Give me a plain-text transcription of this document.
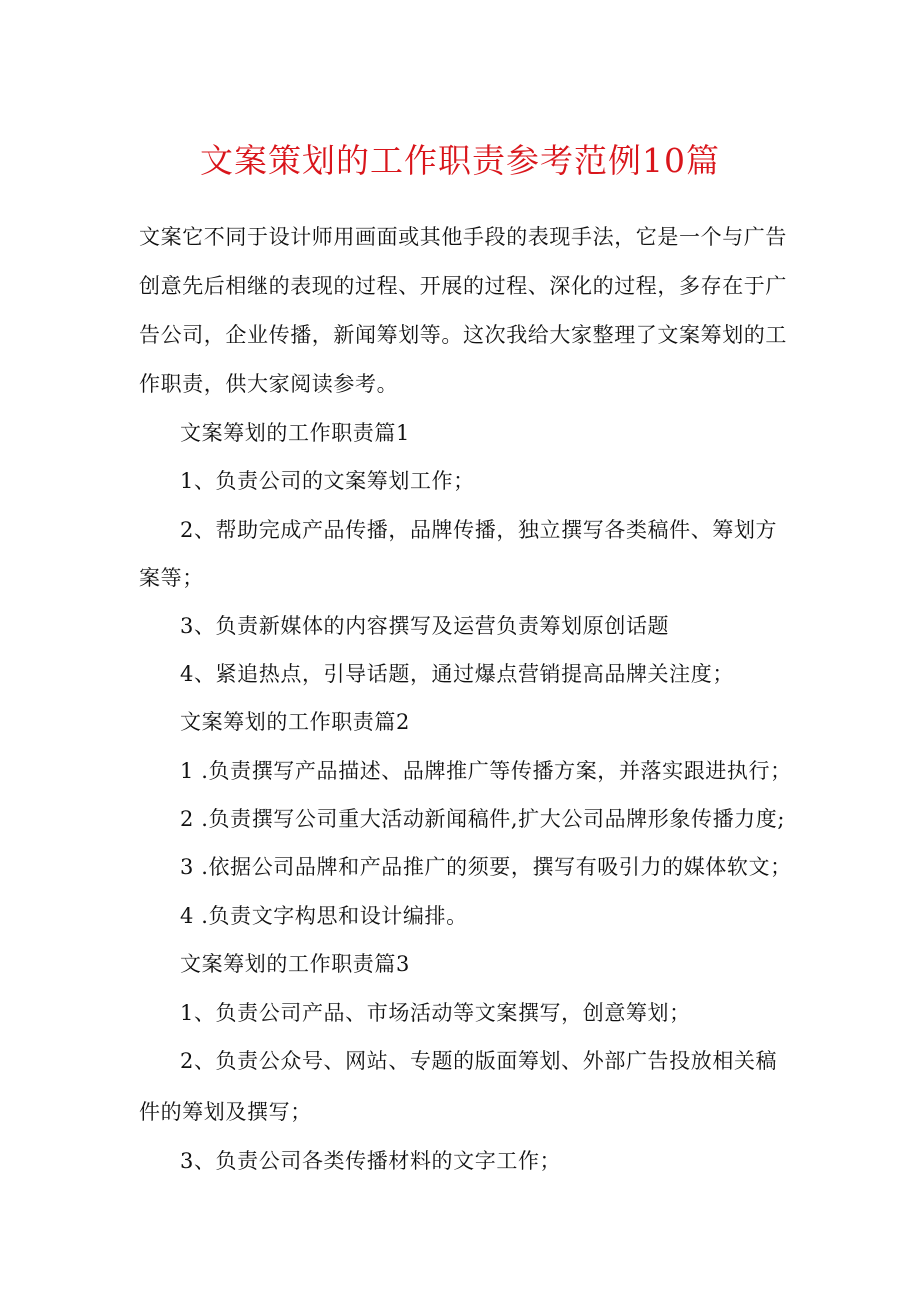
文案策划的工作职责参考范例10篇
文案它不同于设计师用画面或其他手段的表现手法，它是一个与广告
创意先后相继的表现的过程、开展的过程、深化的过程，多存在于广
告公司，企业传播，新闻筹划等。这次我给大家整理了文案筹划的工
作职责，供大家阅读参考。
文案筹划的工作职责篇1
1、负责公司的文案筹划工作；
2、帮助完成产品传播，品牌传播，独立撰写各类稿件、筹划方
案等；
3、负责新媒体的内容撰写及运营负责筹划原创话题
4、紧追热点，引导话题，通过爆点营销提高品牌关注度；
文案筹划的工作职责篇2
1 .负责撰写产品描述、品牌推广等传播方案，并落实跟进执行；
2 .负责撰写公司重大活动新闻稿件,扩大公司品牌形象传播力度;
3 .依据公司品牌和产品推广的须要，撰写有吸引力的媒体软文；
4 .负责文字构思和设计编排。
文案筹划的工作职责篇3
1、负责公司产品、市场活动等文案撰写，创意筹划；
2、负责公众号、网站、专题的版面筹划、外部广告投放相关稿
件的筹划及撰写；
3、负责公司各类传播材料的文字工作；
